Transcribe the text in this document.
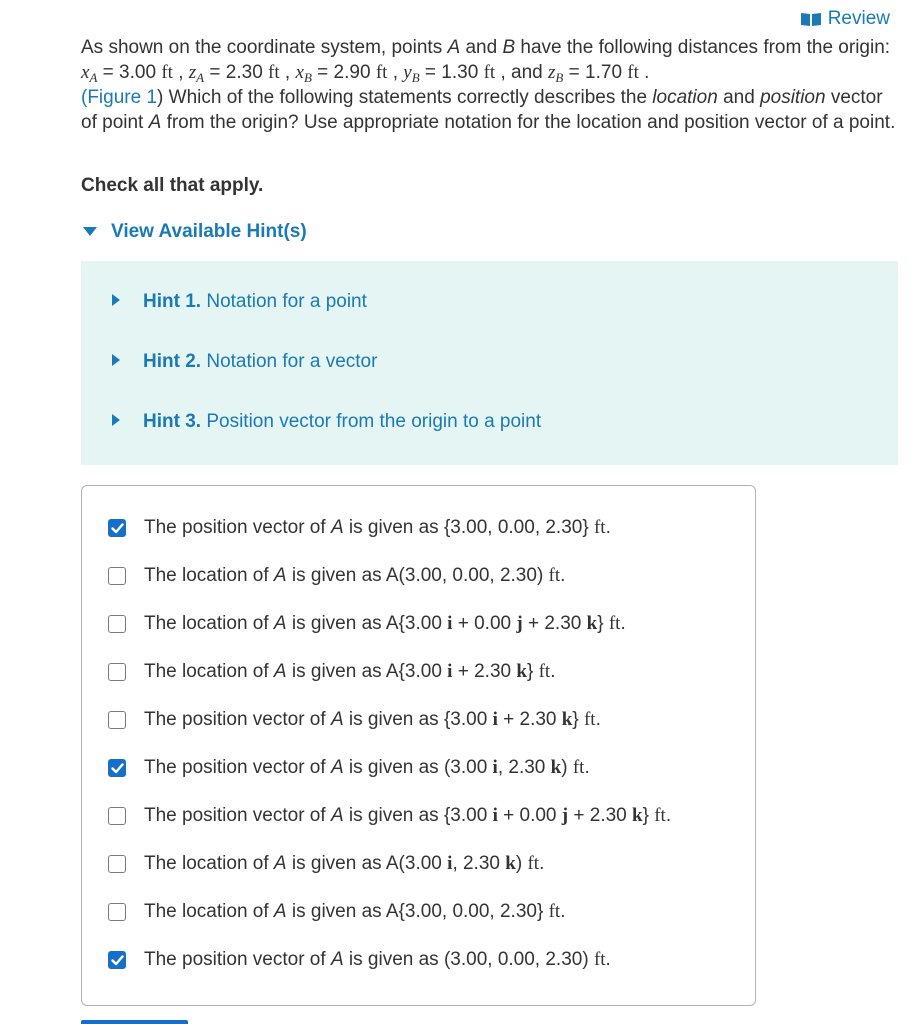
Review
As shown on the coordinate system, points A and B have the following distances from the origin: $x_A = 3.00$ ft , $z_A = 2.30$ ft , $x_B = 2.90$ ft , $y_B = 1.30$ ft , and $z_B = 1.70$ ft .
(Figure 1) Which of the following statements correctly describes the location and position vector of point A from the origin? Use appropriate notation for the location and position vector of a point.
Check all that apply.
View Available Hint(s)
Hint 1. Notation for a point
Hint 2. Notation for a vector
Hint 3. Position vector from the origin to a point
The position vector of A is given as {3.00, 0.00, 2.30} ft.
The location of A is given as A(3.00, 0.00, 2.30) ft.
The location of A is given as A{3.00 i + 0.00 j + 2.30 k} ft.
The location of A is given as A{3.00 i + 2.30 k} ft.
The position vector of A is given as {3.00 i + 2.30 k} ft.
The position vector of A is given as (3.00 i, 2.30 k) ft.
The position vector of A is given as {3.00 i + 0.00 j + 2.30 k} ft.
The location of A is given as A(3.00 i, 2.30 k) ft.
The location of A is given as A{3.00, 0.00, 2.30} ft.
The position vector of A is given as (3.00, 0.00, 2.30) ft.
